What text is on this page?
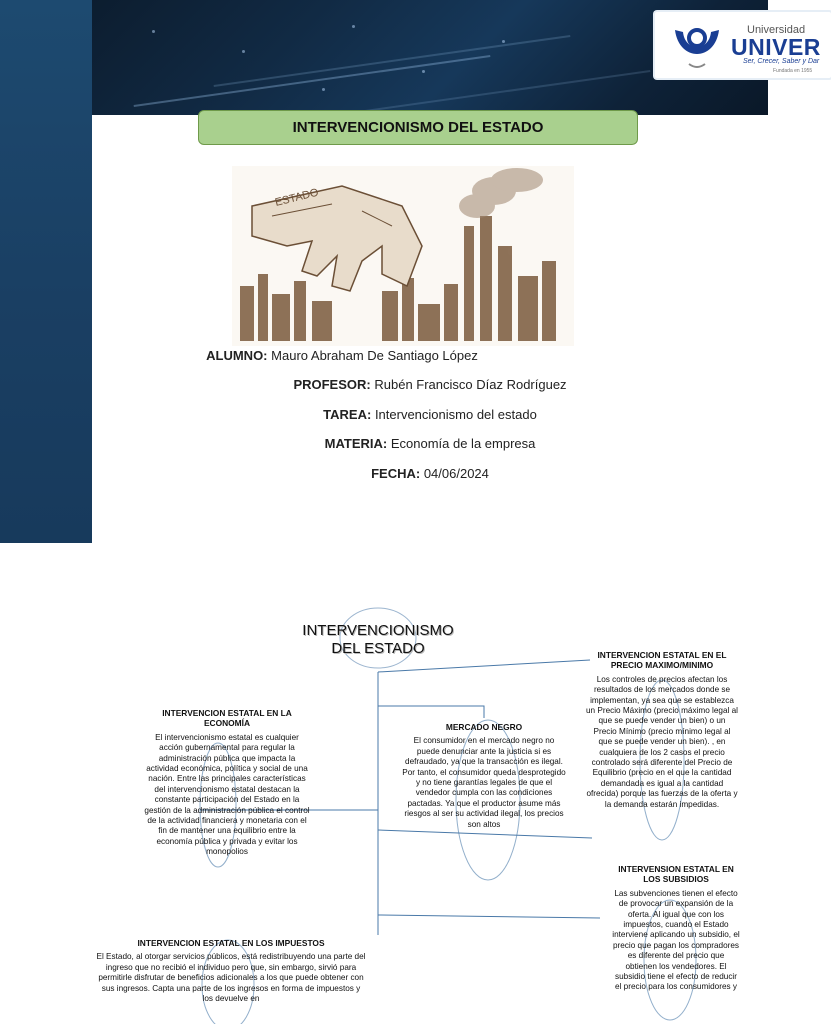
Universidad
UNIVER
Ser, Crecer, Saber y Dar
Fundada en 1955
INTERVENCIONISMO DEL ESTADO
ESTADO
ALUMNO: Mauro Abraham De Santiago López
PROFESOR: Rubén Francisco Díaz Rodríguez
TAREA: Intervencionismo del estado
MATERIA: Economía de la empresa
FECHA: 04/06/2024
INTERVENCIONISMO
DEL ESTADO
INTERVENCION ESTATAL EN LA ECONOMÍA
El intervencionismo estatal es cualquier acción gubernamental para regular la administración pública que impacta la actividad económica, política y social de una nación. Entre las principales características del intervencionismo estatal destacan la constante participación del Estado en la gestión de la administración pública el control de la actividad financiera y monetaria con el fin de mantener una equilibrio entre la economía pública y privada y evitar los monopolios
MERCADO NEGRO
El consumidor en el mercado negro no puede denunciar ante la justicia si es defraudado, ya que la transacción es ilegal. Por tanto, el consumidor queda desprotegido y no tiene garantías legales de que el vendedor cumpla con las condiciones pactadas. Ya que el productor asume más riesgos al ser su actividad ilegal, los precios son altos
INTERVENCION ESTATAL EN EL PRECIO MAXIMO/MINIMO
Los controles de precios afectan los resultados de los mercados donde se implementan, ya sea que se establezca un Precio Máximo (precio máximo legal al que se puede vender un bien) o un Precio Mínimo (precio mínimo legal al que se puede vender un bien). , en cualquiera de los 2 casos el precio controlado será diferente del Precio de Equilibrio (precio en el que la cantidad demandada es igual a la cantidad ofrecida) porque las fuerzas de la oferta y la demanda estarán impedidas.
INTERVENSION ESTATAL EN LOS SUBSIDIOS
Las subvenciones tienen el efecto de provocar un expansión de la oferta. Al igual que con los impuestos, cuando el Estado interviene aplicando un subsidio, el precio que pagan los compradores es diferente del precio que obtienen los vendedores. El subsidio tiene el efecto de reducir el precio para los consumidores y
INTERVENCION ESTATAL EN LOS IMPUESTOS
El Estado, al otorgar servicios públicos, está redistribuyendo una parte del ingreso que no recibió el individuo pero que, sin embargo, sirvió para permitirle disfrutar de beneficios adicionales a los que puede obtener con sus ingresos. Capta una parte de los ingresos en forma de impuestos y los devuelve en
